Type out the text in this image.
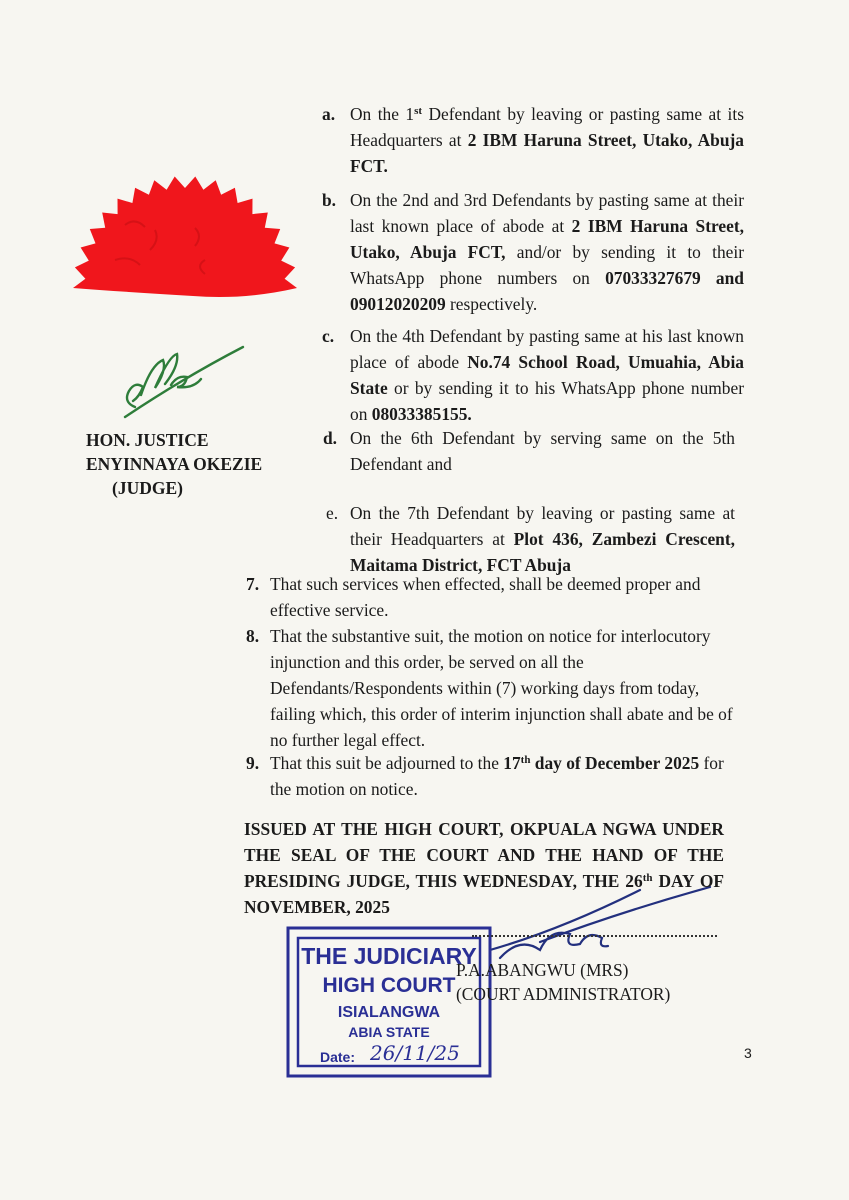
THE JUDICIARY
HIGH COURT
ISIALANGWA
ABIA STATE
Date: 26/11/25
a. On the 1st Defendant by leaving or pasting same at its Headquarters at 2 IBM Haruna Street, Utako, Abuja FCT.
b. On the 2nd and 3rd Defendants by pasting same at their last known place of abode at 2 IBM Haruna Street, Utako, Abuja FCT, and/or by sending it to their WhatsApp phone numbers on 07033327679 and 09012020209 respectively.
c. On the 4th Defendant by pasting same at his last known place of abode No.74 School Road, Umuahia, Abia State or by sending it to his WhatsApp phone number on 08033385155.
d. On the 6th Defendant by serving same on the 5th Defendant and
e. On the 7th Defendant by leaving or pasting same at their Headquarters at Plot 436, Zambezi Crescent, Maitama District, FCT Abuja
HON. JUSTICE
ENYINNAYA OKEZIE
(JUDGE)
7. That such services when effected, shall be deemed proper and effective service.
8. That the substantive suit, the motion on notice for interlocutory injunction and this order, be served on all the Defendants/Respondents within (7) working days from today, failing which, this order of interim injunction shall abate and be of no further legal effect.
9. That this suit be adjourned to the 17th day of December 2025 for the motion on notice.
ISSUED AT THE HIGH COURT, OKPUALA NGWA UNDER THE SEAL OF THE COURT AND THE HAND OF THE PRESIDING JUDGE, THIS WEDNESDAY, THE 26th DAY OF NOVEMBER, 2025
P.A.ABANGWU (MRS)
(COURT ADMINISTRATOR)
3
